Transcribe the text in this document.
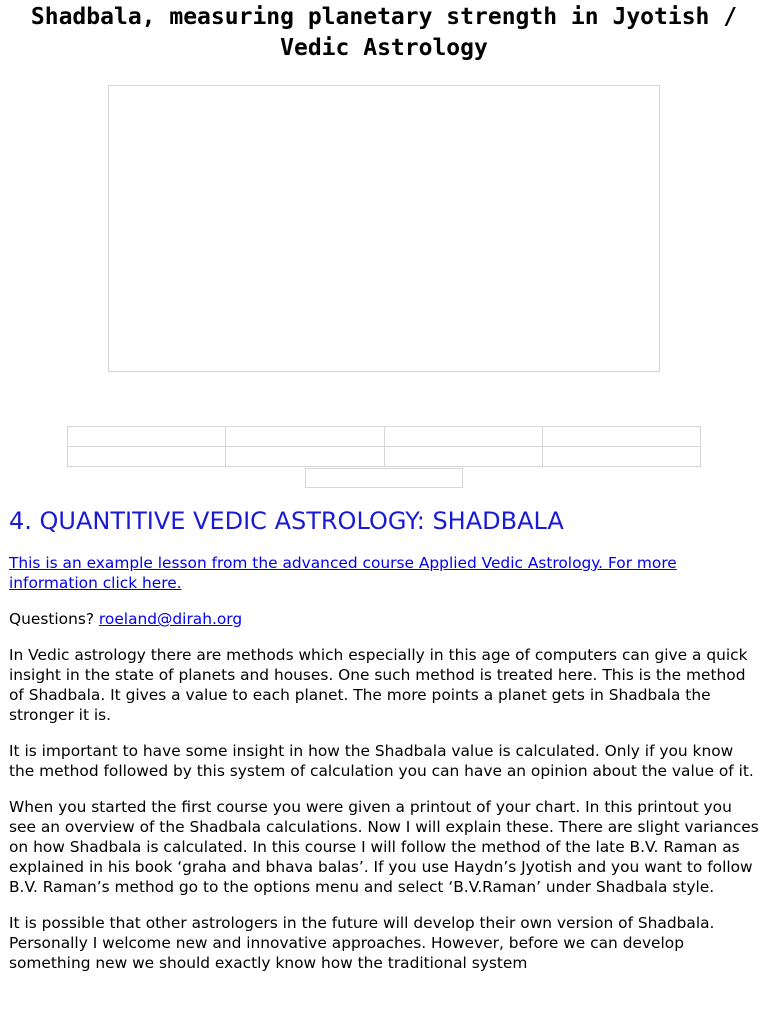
Shadbala, measuring planetary strength in Jyotish / Vedic Astrology

4. QUANTITIVE VEDIC ASTROLOGY: SHADBALA

This is an example lesson from the advanced course Applied Vedic Astrology. For more information click here.

Questions? roeland@dirah.org

In Vedic astrology there are methods which especially in this age of computers can give a quick insight in the state of planets and houses. One such method is treated here. This is the method of Shadbala. It gives a value to each planet. The more points a planet gets in Shadbala the stronger it is.

It is important to have some insight in how the Shadbala value is calculated. Only if you know the method followed by this system of calculation you can have an opinion about the value of it.

When you started the first course you were given a printout of your chart. In this printout you see an overview of the Shadbala calculations. Now I will explain these. There are slight variances on how Shadbala is calculated. In this course I will follow the method of the late B.V. Raman as explained in his book ‘graha and bhava balas’. If you use Haydn’s Jyotish and you want to follow B.V. Raman’s method go to the options menu and select ‘B.V.Raman’ under Shadbala style.

It is possible that other astrologers in the future will develop their own version of Shadbala. Personally I welcome new and innovative approaches. However, before we can develop something new we should exactly know how the traditional system
